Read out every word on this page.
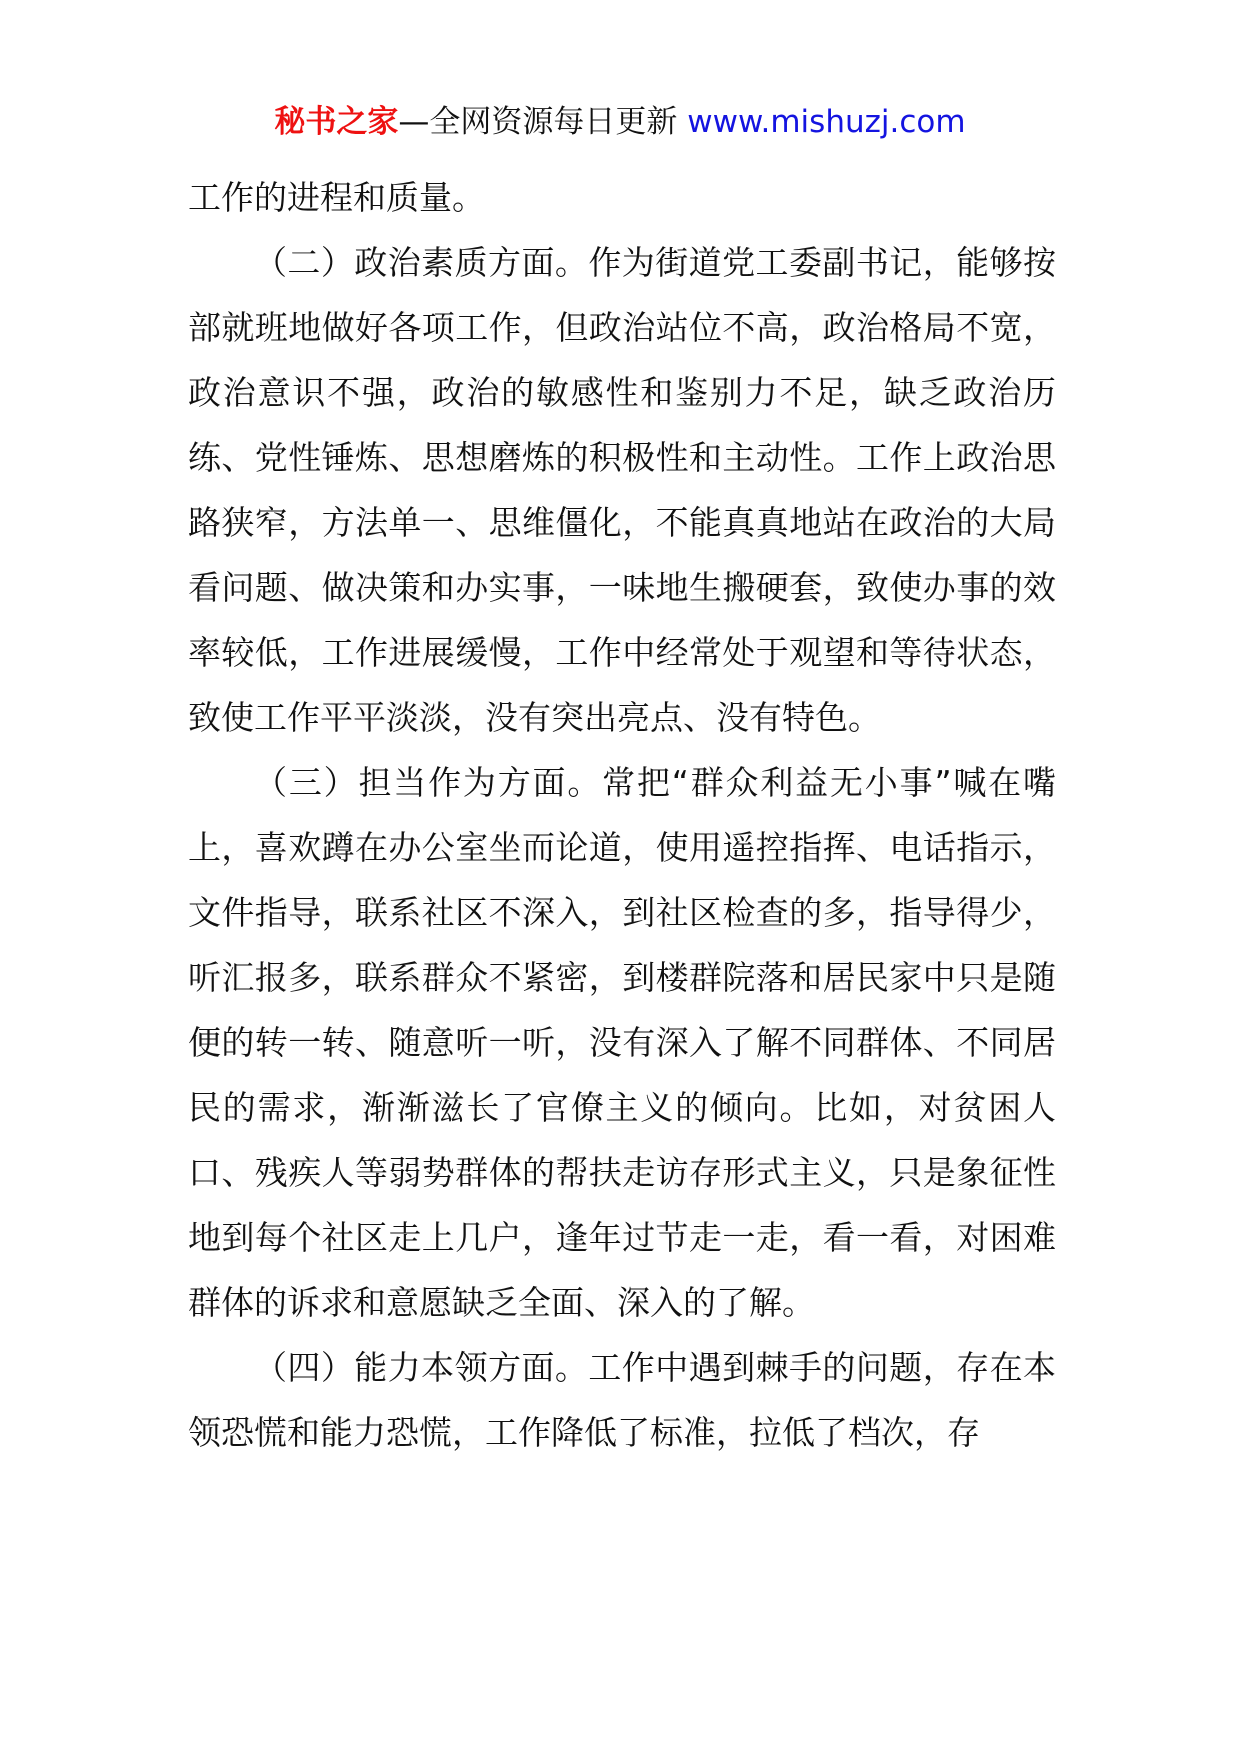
秘书之家—全网资源每日更新 www.mishuzj.com

工作的进程和质量。

（二）政治素质方面。作为街道党工委副书记，能够按部就班地做好各项工作，但政治站位不高，政治格局不宽，政治意识不强，政治的敏感性和鉴别力不足，缺乏政治历练、党性锤炼、思想磨炼的积极性和主动性。工作上政治思路狭窄，方法单一、思维僵化，不能真真地站在政治的大局看问题、做决策和办实事，一味地生搬硬套，致使办事的效率较低，工作进展缓慢，工作中经常处于观望和等待状态，致使工作平平淡淡，没有突出亮点、没有特色。

（三）担当作为方面。常把“群众利益无小事”喊在嘴上，喜欢蹲在办公室坐而论道，使用遥控指挥、电话指示，文件指导，联系社区不深入，到社区检查的多，指导得少，听汇报多，联系群众不紧密，到楼群院落和居民家中只是随便的转一转、随意听一听，没有深入了解不同群体、不同居民的需求，渐渐滋长了官僚主义的倾向。比如，对贫困人口、残疾人等弱势群体的帮扶走访存形式主义，只是象征性地到每个社区走上几户，逢年过节走一走，看一看，对困难群体的诉求和意愿缺乏全面、深入的了解。

（四）能力本领方面。工作中遇到棘手的问题，存在本领恐慌和能力恐慌，工作降低了标准，拉低了档次，存
